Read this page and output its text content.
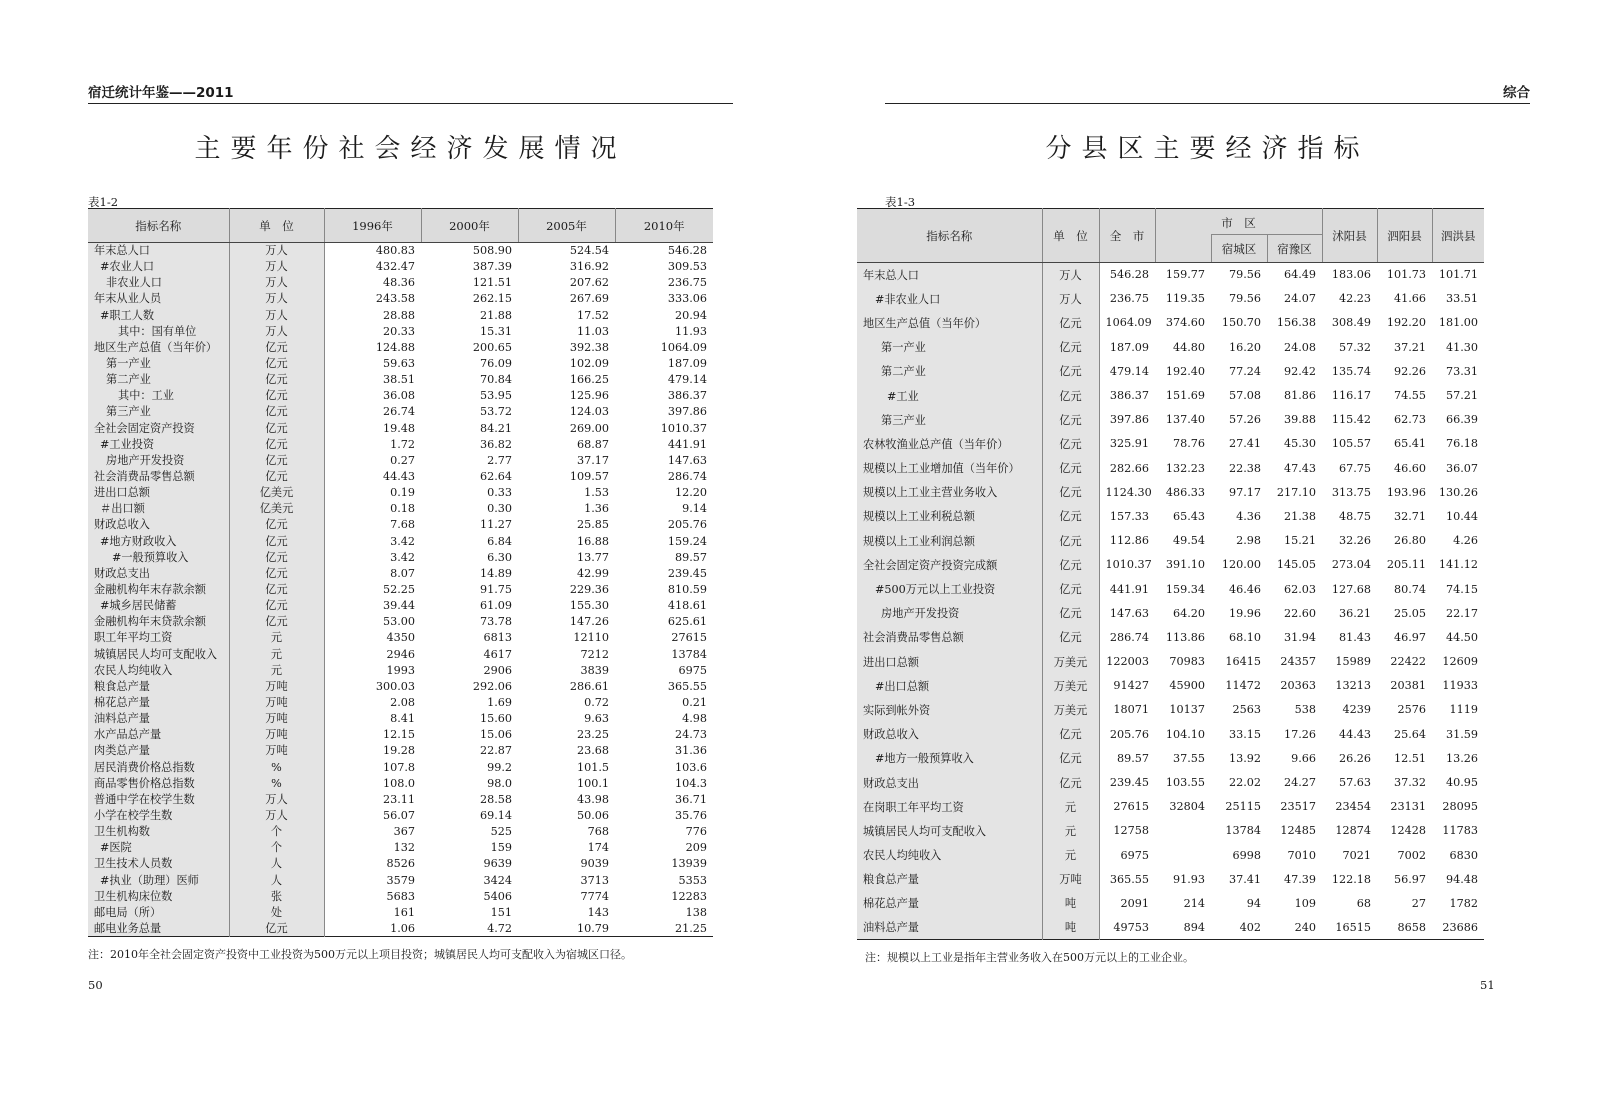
宿迁统计年鉴——2011
主要年份社会经济发展情况
表1-2
指标名称	单　位	1996年	2000年	2005年	2010年
年末总人口	万人	480.83	508.90	524.54	546.28
#农业人口	万人	432.47	387.39	316.92	309.53
非农业人口	万人	48.36	121.51	207.62	236.75
年末从业人员	万人	243.58	262.15	267.69	333.06
#职工人数	万人	28.88	21.88	17.52	20.94
其中：国有单位	万人	20.33	15.31	11.03	11.93
地区生产总值（当年价）	亿元	124.88	200.65	392.38	1064.09
第一产业	亿元	59.63	76.09	102.09	187.09
第二产业	亿元	38.51	70.84	166.25	479.14
其中：工业	亿元	36.08	53.95	125.96	386.37
第三产业	亿元	26.74	53.72	124.03	397.86
全社会固定资产投资	亿元	19.48	84.21	269.00	1010.37
#工业投资	亿元	1.72	36.82	68.87	441.91
房地产开发投资	亿元	0.27	2.77	37.17	147.63
社会消费品零售总额	亿元	44.43	62.64	109.57	286.74
进出口总额	亿美元	0.19	0.33	1.53	12.20
＃出口额	亿美元	0.18	0.30	1.36	9.14
财政总收入	亿元	7.68	11.27	25.85	205.76
#地方财政收入	亿元	3.42	6.84	16.88	159.24
#一般预算收入	亿元	3.42	6.30	13.77	89.57
财政总支出	亿元	8.07	14.89	42.99	239.45
金融机构年末存款余额	亿元	52.25	91.75	229.36	810.59
#城乡居民储蓄	亿元	39.44	61.09	155.30	418.61
金融机构年末贷款余额	亿元	53.00	73.78	147.26	625.61
职工年平均工资	元	4350	6813	12110	27615
城镇居民人均可支配收入	元	2946	4617	7212	13784
农民人均纯收入	元	1993	2906	3839	6975
粮食总产量	万吨	300.03	292.06	286.61	365.55
棉花总产量	万吨	2.08	1.69	0.72	0.21
油料总产量	万吨	8.41	15.60	9.63	4.98
水产品总产量	万吨	12.15	15.06	23.25	24.73
肉类总产量	万吨	19.28	22.87	23.68	31.36
居民消费价格总指数	%	107.8	99.2	101.5	103.6
商品零售价格总指数	%	108.0	98.0	100.1	104.3
普通中学在校学生数	万人	23.11	28.58	43.98	36.71
小学在校学生数	万人	56.07	69.14	50.06	35.76
卫生机构数	个	367	525	768	776
#医院	个	132	159	174	209
卫生技术人员数	人	8526	9639	9039	13939
#执业（助理）医师	人	3579	3424	3713	5353
卫生机构床位数	张	5683	5406	7774	12283
邮电局（所）	处	161	151	143	138
邮电业务总量	亿元	1.06	4.72	10.79	21.25
注：2010年全社会固定资产投资中工业投资为500万元以上项目投资；城镇居民人均可支配收入为宿城区口径。
50
综合
分县区主要经济指标
表1-3
指标名称	单　位	全　市	市　区			沭阳县	泗阳县	泗洪县
				宿城区	宿豫区			
年末总人口	万人	546.28	159.77	79.56	64.49	183.06	101.73	101.71
#非农业人口	万人	236.75	119.35	79.56	24.07	42.23	41.66	33.51
地区生产总值（当年价）	亿元	1064.09	374.60	150.70	156.38	308.49	192.20	181.00
第一产业	亿元	187.09	44.80	16.20	24.08	57.32	37.21	41.30
第二产业	亿元	479.14	192.40	77.24	92.42	135.74	92.26	73.31
#工业	亿元	386.37	151.69	57.08	81.86	116.17	74.55	57.21
第三产业	亿元	397.86	137.40	57.26	39.88	115.42	62.73	66.39
农林牧渔业总产值（当年价）	亿元	325.91	78.76	27.41	45.30	105.57	65.41	76.18
规模以上工业增加值（当年价）	亿元	282.66	132.23	22.38	47.43	67.75	46.60	36.07
规模以上工业主营业务收入	亿元	1124.30	486.33	97.17	217.10	313.75	193.96	130.26
规模以上工业利税总额	亿元	157.33	65.43	4.36	21.38	48.75	32.71	10.44
规模以上工业利润总额	亿元	112.86	49.54	2.98	15.21	32.26	26.80	4.26
全社会固定资产投资完成额	亿元	1010.37	391.10	120.00	145.05	273.04	205.11	141.12
#500万元以上工业投资	亿元	441.91	159.34	46.46	62.03	127.68	80.74	74.15
房地产开发投资	亿元	147.63	64.20	19.96	22.60	36.21	25.05	22.17
社会消费品零售总额	亿元	286.74	113.86	68.10	31.94	81.43	46.97	44.50
进出口总额	万美元	122003	70983	16415	24357	15989	22422	12609
#出口总额	万美元	91427	45900	11472	20363	13213	20381	11933
实际到帐外资	万美元	18071	10137	2563	538	4239	2576	1119
财政总收入	亿元	205.76	104.10	33.15	17.26	44.43	25.64	31.59
#地方一般预算收入	亿元	89.57	37.55	13.92	9.66	26.26	12.51	13.26
财政总支出	亿元	239.45	103.55	22.02	24.27	57.63	37.32	40.95
在岗职工年平均工资	元	27615	32804	25115	23517	23454	23131	28095
城镇居民人均可支配收入	元	12758		13784	12485	12874	12428	11783
农民人均纯收入	元	6975		6998	7010	7021	7002	6830
粮食总产量	万吨	365.55	91.93	37.41	47.39	122.18	56.97	94.48
棉花总产量	吨	2091	214	94	109	68	27	1782
油料总产量	吨	49753	894	402	240	16515	8658	23686
注：规模以上工业是指年主营业务收入在500万元以上的工业企业。
51
